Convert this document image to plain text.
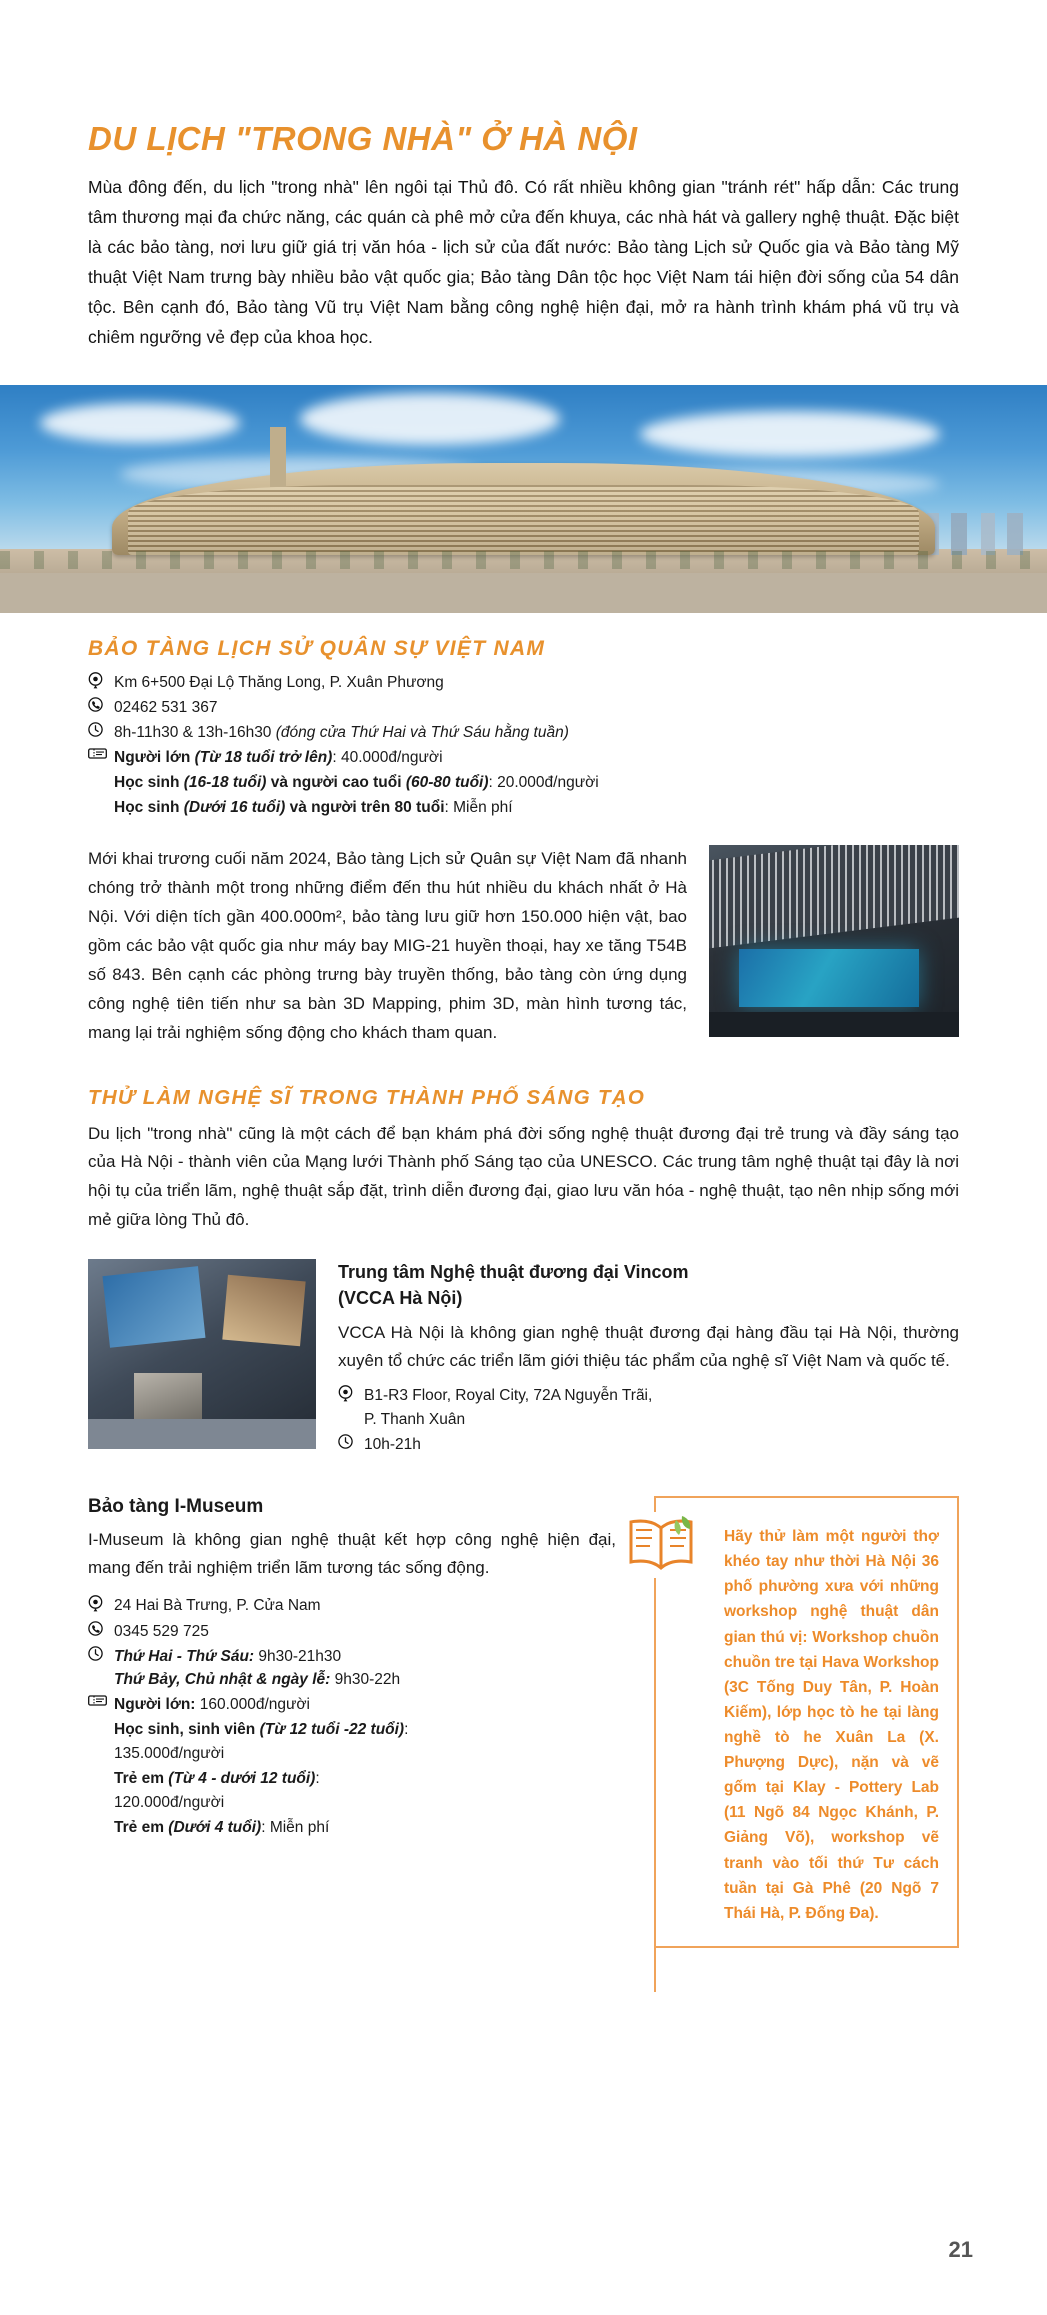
DU LỊCH "TRONG NHÀ" Ở HÀ NỘI

Mùa đông đến, du lịch "trong nhà" lên ngôi tại Thủ đô. Có rất nhiều không gian "tránh rét" hấp dẫn: Các trung tâm thương mại đa chức năng, các quán cà phê mở cửa đến khuya, các nhà hát và gallery nghệ thuật. Đặc biệt là các bảo tàng, nơi lưu giữ giá trị văn hóa - lịch sử của đất nước: Bảo tàng Lịch sử Quốc gia và Bảo tàng Mỹ thuật Việt Nam trưng bày nhiều bảo vật quốc gia; Bảo tàng Dân tộc học Việt Nam tái hiện đời sống của 54 dân tộc. Bên cạnh đó, Bảo tàng Vũ trụ Việt Nam bằng công nghệ hiện đại, mở ra hành trình khám phá vũ trụ và chiêm ngưỡng vẻ đẹp của khoa học.

BẢO TÀNG LỊCH SỬ QUÂN SỰ VIỆT NAM
Km 6+500 Đại Lộ Thăng Long, P. Xuân Phương
02462 531 367
8h-11h30 & 13h-16h30 (đóng cửa Thứ Hai và Thứ Sáu hằng tuần)
Người lớn (Từ 18 tuổi trở lên): 40.000đ/người
Học sinh (16-18 tuổi) và người cao tuổi (60-80 tuổi): 20.000đ/người
Học sinh (Dưới 16 tuổi) và người trên 80 tuổi: Miễn phí

Mới khai trương cuối năm 2024, Bảo tàng Lịch sử Quân sự Việt Nam đã nhanh chóng trở thành một trong những điểm đến thu hút nhiều du khách nhất ở Hà Nội. Với diện tích gần 400.000m², bảo tàng lưu giữ hơn 150.000 hiện vật, bao gồm các bảo vật quốc gia như máy bay MIG-21 huyền thoại, hay xe tăng T54B số 843. Bên cạnh các phòng trưng bày truyền thống, bảo tàng còn ứng dụng công nghệ tiên tiến như sa bàn 3D Mapping, phim 3D, màn hình tương tác, mang lại trải nghiệm sống động cho khách tham quan.

THỬ LÀM NGHỆ SĨ TRONG THÀNH PHỐ SÁNG TẠO

Du lịch "trong nhà" cũng là một cách để bạn khám phá đời sống nghệ thuật đương đại trẻ trung và đầy sáng tạo của Hà Nội - thành viên của Mạng lưới Thành phố Sáng tạo của UNESCO. Các trung tâm nghệ thuật tại đây là nơi hội tụ của triển lãm, nghệ thuật sắp đặt, trình diễn đương đại, giao lưu văn hóa - nghệ thuật, tạo nên nhịp sống mới mẻ giữa lòng Thủ đô.

Trung tâm Nghệ thuật đương đại Vincom
(VCCA Hà Nội)

VCCA Hà Nội là không gian nghệ thuật đương đại hàng đầu tại Hà Nội, thường xuyên tổ chức các triển lãm giới thiệu tác phẩm của nghệ sĩ Việt Nam và quốc tế.

B1-R3 Floor, Royal City, 72A Nguyễn Trãi,
P. Thanh Xuân
10h-21h
Bảo tàng I-Museum

I-Museum là không gian nghệ thuật kết hợp công nghệ hiện đại, mang đến trải nghiệm triển lãm tương tác sống động.

24 Hai Bà Trưng, P. Cửa Nam
0345 529 725
Thứ Hai - Thứ Sáu: 9h30-21h30
Thứ Bảy, Chủ nhật & ngày lễ: 9h30-22h
Người lớn: 160.000đ/người
Học sinh, sinh viên (Từ 12 tuổi -22 tuổi):
135.000đ/người
Trẻ em (Từ 4 - dưới 12 tuổi):
120.000đ/người
Trẻ em (Dưới 4 tuổi): Miễn phí
Hãy thử làm một người thợ khéo tay như thời Hà Nội 36 phố phường xưa với những workshop nghệ thuật dân gian thú vị: Workshop chuồn chuồn tre tại Hava Workshop (3C Tống Duy Tân, P. Hoàn Kiếm), lớp học tò he tại làng nghề tò he Xuân La (X. Phượng Dực), nặn và vẽ gốm tại Klay - Pottery Lab (11 Ngõ 84 Ngọc Khánh, P. Giảng Võ), workshop vẽ tranh vào tối thứ Tư cách tuần tại Gà Phê (20 Ngõ 7 Thái Hà, P. Đống Đa).
21
